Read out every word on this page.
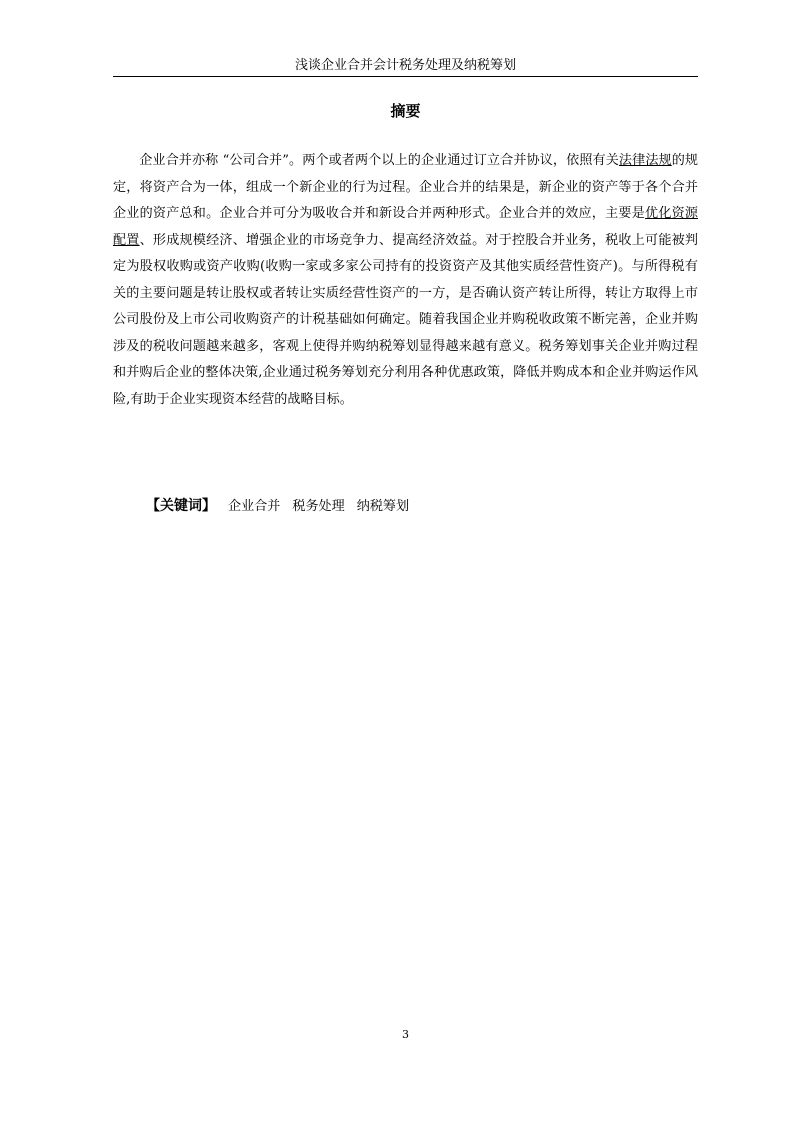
浅谈企业合并会计税务处理及纳税筹划
摘要

企业合并亦称 “公司合并”。两个或者两个以上的企业通过订立合并协议，依照有关法律法规的规定，将资产合为一体，组成一个新企业的行为过程。企业合并的结果是，新企业的资产等于各个合并企业的资产总和。企业合并可分为吸收合并和新设合并两种形式。企业合并的效应，主要是优化资源配置、形成规模经济、增强企业的市场竞争力、提高经济效益。对于控股合并业务，税收上可能被判定为股权收购或资产收购(收购一家或多家公司持有的投资资产及其他实质经营性资产)。与所得税有关的主要问题是转让股权或者转让实质经营性资产的一方，是否确认资产转让所得，转让方取得上市公司股份及上市公司收购资产的计税基础如何确定。随着我国企业并购税收政策不断完善，企业并购涉及的税收问题越来越多，客观上使得并购纳税筹划显得越来越有意义。税务筹划事关企业并购过程和并购后企业的整体决策,企业通过税务筹划充分利用各种优惠政策，降低并购成本和企业并购运作风险,有助于企业实现资本经营的战略目标。

【关键词】 企业合并 税务处理 纳税筹划
3
